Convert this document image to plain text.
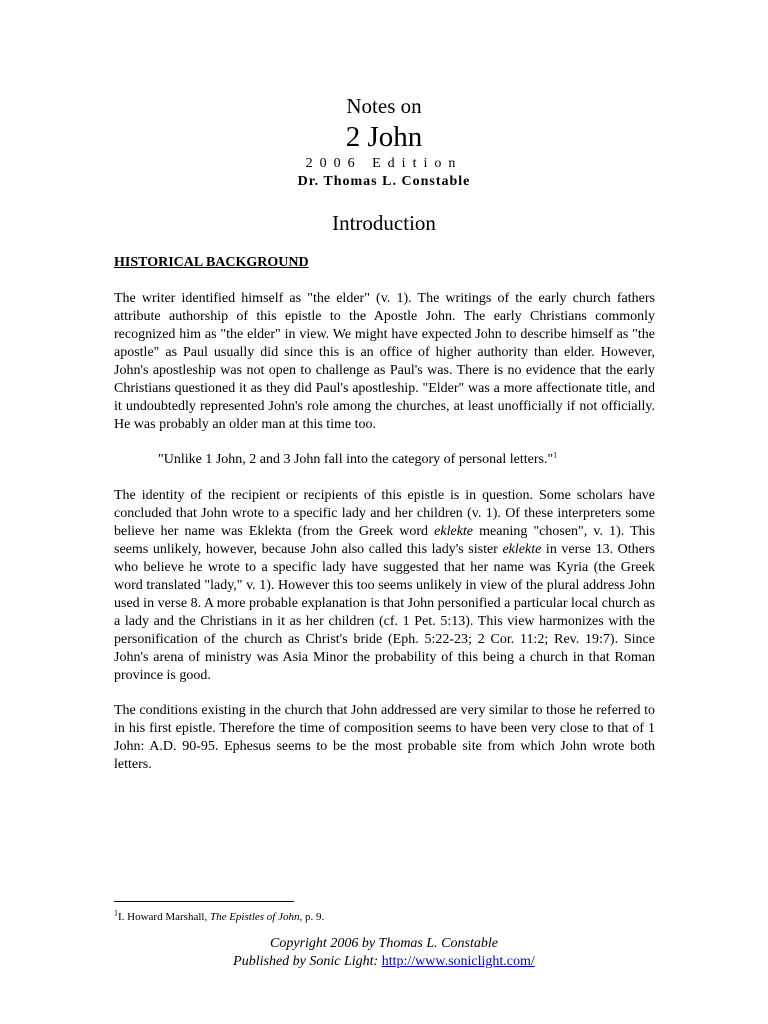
Notes on
2 John
2006 Edition
Dr. Thomas L. Constable
Introduction
HISTORICAL BACKGROUND

The writer identified himself as "the elder" (v. 1). The writings of the early church fathers attribute authorship of this epistle to the Apostle John. The early Christians commonly recognized him as "the elder" in view. We might have expected John to describe himself as "the apostle" as Paul usually did since this is an office of higher authority than elder. However, John's apostleship was not open to challenge as Paul's was. There is no evidence that the early Christians questioned it as they did Paul's apostleship. "Elder" was a more affectionate title, and it undoubtedly represented John's role among the churches, at least unofficially if not officially. He was probably an older man at this time too.

"Unlike 1 John, 2 and 3 John fall into the category of personal letters."$^1$

The identity of the recipient or recipients of this epistle is in question. Some scholars have concluded that John wrote to a specific lady and her children (v. 1). Of these interpreters some believe her name was Eklekta (from the Greek word eklekte meaning "chosen", v. 1). This seems unlikely, however, because John also called this lady's sister eklekte in verse 13. Others who believe he wrote to a specific lady have suggested that her name was Kyria (the Greek word translated "lady," v. 1). However this too seems unlikely in view of the plural address John used in verse 8. A more probable explanation is that John personified a particular local church as a lady and the Christians in it as her children (cf. 1 Pet. 5:13). This view harmonizes with the personification of the church as Christ's bride (Eph. 5:22-23; 2 Cor. 11:2; Rev. 19:7). Since John's arena of ministry was Asia Minor the probability of this being a church in that Roman province is good.

The conditions existing in the church that John addressed are very similar to those he referred to in his first epistle. Therefore the time of composition seems to have been very close to that of 1 John: A.D. 90-95. Ephesus seems to be the most probable site from which John wrote both letters.

$^1$I. Howard Marshall, The Epistles of John, p. 9.
Copyright 2006 by Thomas L. Constable
Published by Sonic Light: http://www.soniclight.com/
